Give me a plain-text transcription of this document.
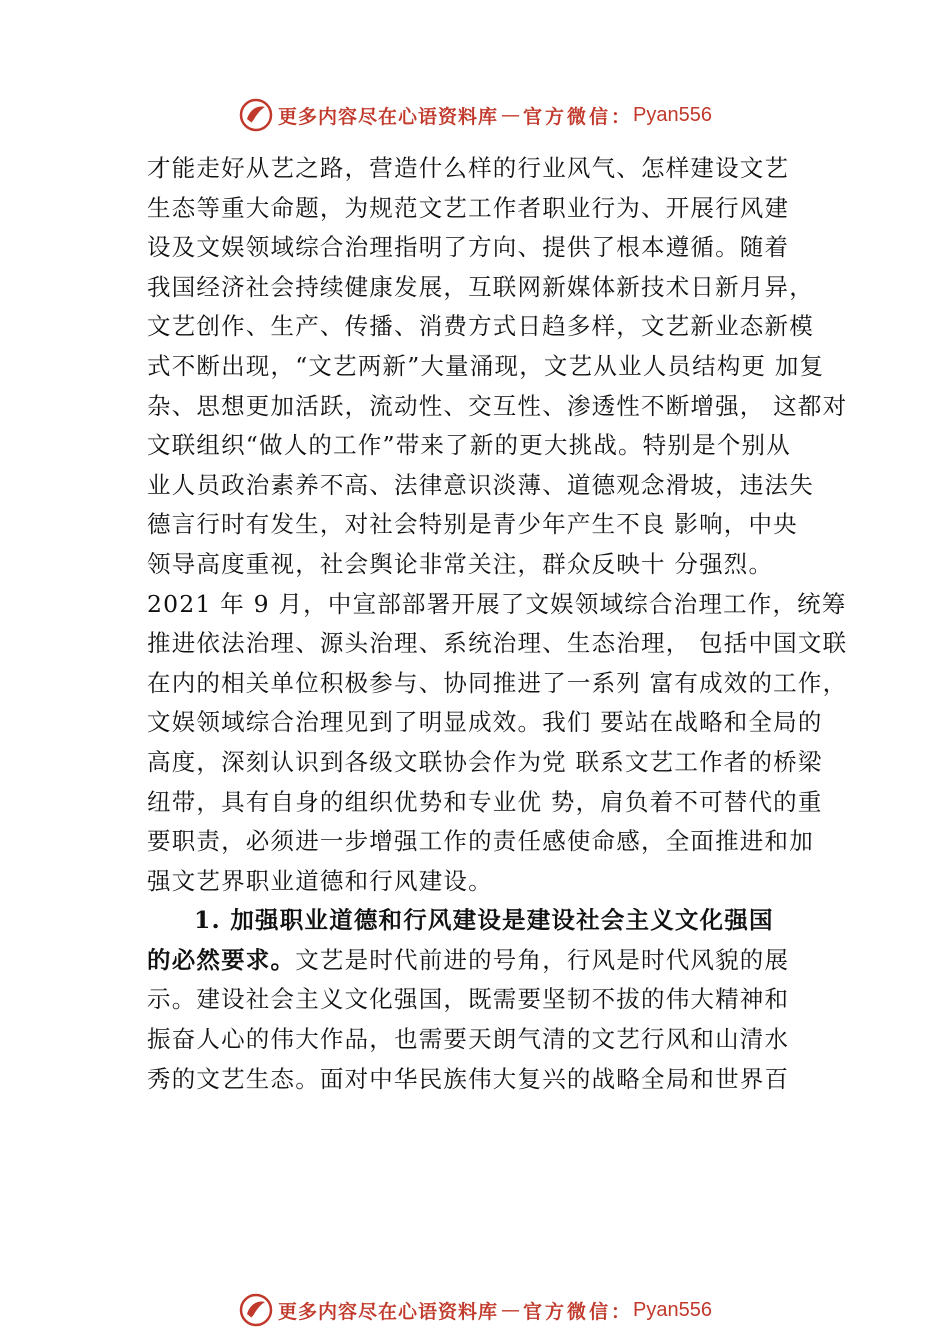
更多内容尽在心语资料库 — 官方微信： Pyan556
才能走好从艺之路，营造什么样的行业风气、怎样建设文艺
生态等重大命题，为规范文艺工作者职业行为、开展行风建
设及文娱领域综合治理指明了方向、提供了根本遵循。随着
我国经济社会持续健康发展，互联网新媒体新技术日新月异，
文艺创作、生产、传播、消费方式日趋多样，文艺新业态新模
式不断出现，“文艺两新”大量涌现，文艺从业人员结构更 加复
杂、思想更加活跃，流动性、交互性、渗透性不断增强， 这都对
文联组织“做人的工作”带来了新的更大挑战。特别是个别从
业人员政治素养不高、法律意识淡薄、道德观念滑坡，违法失
德言行时有发生，对社会特别是青少年产生不良 影响，中央
领导高度重视，社会舆论非常关注，群众反映十 分强烈。
2021 年 9 月，中宣部部署开展了文娱领域综合治理工作，统筹
推进依法治理、源头治理、系统治理、生态治理， 包括中国文联
在内的相关单位积极参与、协同推进了一系列 富有成效的工作，
文娱领域综合治理见到了明显成效。我们 要站在战略和全局的
高度，深刻认识到各级文联协会作为党 联系文艺工作者的桥梁
纽带，具有自身的组织优势和专业优 势，肩负着不可替代的重
要职责，必须进一步增强工作的责任感使命感，全面推进和加
强文艺界职业道德和行风建设。
1. 加强职业道德和行风建设是建设社会主义文化强国
的必然要求。文艺是时代前进的号角，行风是时代风貌的展
示。建设社会主义文化强国，既需要坚韧不拔的伟大精神和
振奋人心的伟大作品，也需要天朗气清的文艺行风和山清水
秀的文艺生态。面对中华民族伟大复兴的战略全局和世界百
更多内容尽在心语资料库 — 官方微信： Pyan556
